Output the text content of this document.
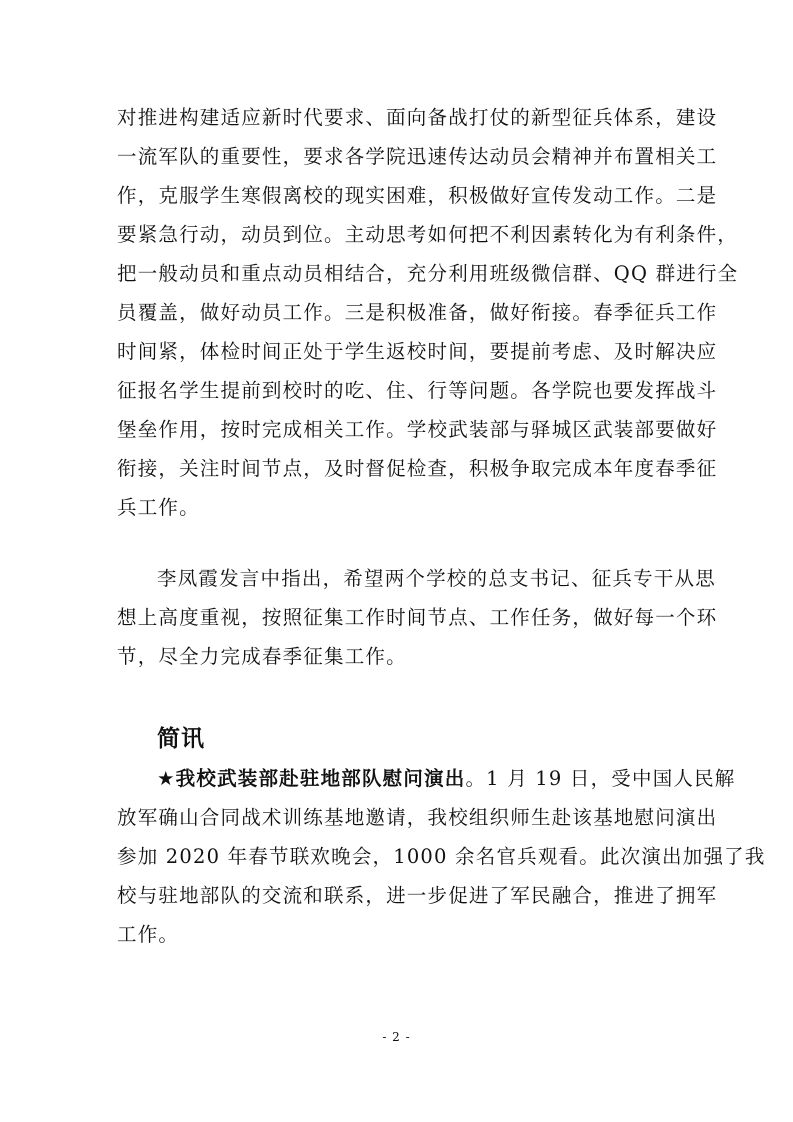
对推进构建适应新时代要求、面向备战打仗的新型征兵体系，建设
一流军队的重要性，要求各学院迅速传达动员会精神并布置相关工
作，克服学生寒假离校的现实困难，积极做好宣传发动工作。二是
要紧急行动，动员到位。主动思考如何把不利因素转化为有利条件，
把一般动员和重点动员相结合，充分利用班级微信群、QQ 群进行全
员覆盖，做好动员工作。三是积极准备，做好衔接。春季征兵工作
时间紧，体检时间正处于学生返校时间，要提前考虑、及时解决应
征报名学生提前到校时的吃、住、行等问题。各学院也要发挥战斗
堡垒作用，按时完成相关工作。学校武装部与驿城区武装部要做好
衔接，关注时间节点，及时督促检查，积极争取完成本年度春季征
兵工作。
李凤霞发言中指出，希望两个学校的总支书记、征兵专干从思
想上高度重视，按照征集工作时间节点、工作任务，做好每一个环
节，尽全力完成春季征集工作。
简讯
★我校武装部赴驻地部队慰问演出。1 月 19 日，受中国人民解
放军确山合同战术训练基地邀请，我校组织师生赴该基地慰问演出
参加 2020 年春节联欢晚会，1000 余名官兵观看。此次演出加强了我
校与驻地部队的交流和联系，进一步促进了军民融合，推进了拥军
工作。
- 2 -
